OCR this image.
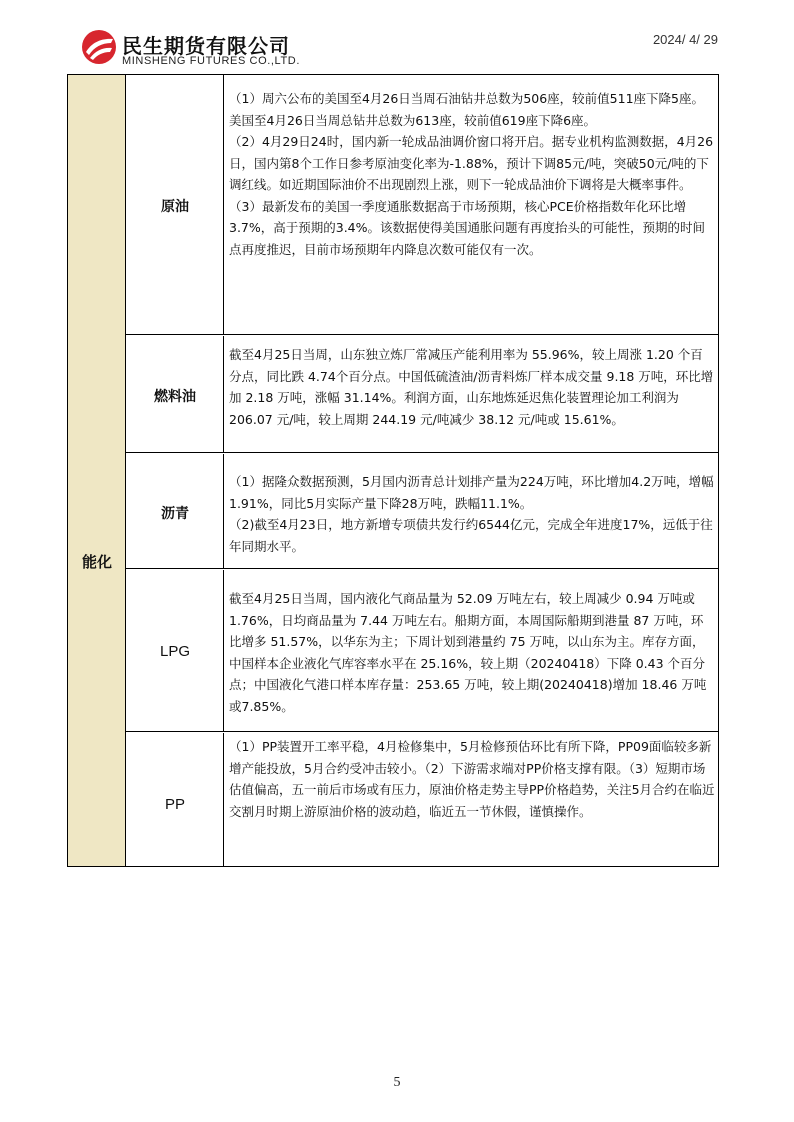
民生期货有限公司
MINSHENG FUTURES CO.,LTD.
2024/ 4/ 29
能化
原油

（1）周六公布的美国至4月26日当周石油钻井总数为506座，较前值511座下降5座。美国至4月26日当周总钻井总数为613座，较前值619座下降6座。
（2）4月29日24时，国内新一轮成品油调价窗口将开启。据专业机构监测数据，4月26日，国内第8个工作日参考原油变化率为-1.88%，预计下调85元/吨，突破50元/吨的下调红线。如近期国际油价不出现剧烈上涨，则下一轮成品油价下调将是大概率事件。
（3）最新发布的美国一季度通胀数据高于市场预期，核心PCE价格指数年化环比增3.7%，高于预期的3.4%。该数据使得美国通胀问题有再度抬头的可能性，预期的时间点再度推迟，目前市场预期年内降息次数可能仅有一次。

燃料油

截至4月25日当周，山东独立炼厂常减压产能利用率为 55.96%，较上周涨 1.20 个百分点，同比跌 4.74个百分点。中国低硫渣油/沥青料炼厂样本成交量 9.18 万吨，环比增加 2.18 万吨，涨幅 31.14%。利润方面，山东地炼延迟焦化装置理论加工利润为 206.07 元/吨，较上周期 244.19 元/吨减少 38.12 元/吨或 15.61%。

沥青

（1）据隆众数据预测，5月国内沥青总计划排产量为224万吨，环比增加4.2万吨，增幅1.91%，同比5月实际产量下降28万吨，跌幅11.1%。
（2)截至4月23日，地方新增专项债共发行约6544亿元，完成全年进度17%，远低于往年同期水平。

LPG

截至4月25日当周，国内液化气商品量为 52.09 万吨左右，较上周减少 0.94 万吨或1.76%，日均商品量为 7.44 万吨左右。船期方面，本周国际船期到港量 87 万吨，环比增多 51.57%，以华东为主；下周计划到港量约 75 万吨，以山东为主。库存方面，中国样本企业液化气库容率水平在 25.16%，较上期（20240418）下降 0.43 个百分点；中国液化气港口样本库存量：253.65 万吨，较上期(20240418)增加 18.46 万吨或7.85%。

PP

（1）PP装置开工率平稳，4月检修集中，5月检修预估环比有所下降，PP09面临较多新增产能投放，5月合约受冲击较小。（2）下游需求端对PP价格支撑有限。（3）短期市场估值偏高，五一前后市场或有压力，原油价格走势主导PP价格趋势，关注5月合约在临近交割月时期上游原油价格的波动趋，临近五一节休假，谨慎操作。

5
